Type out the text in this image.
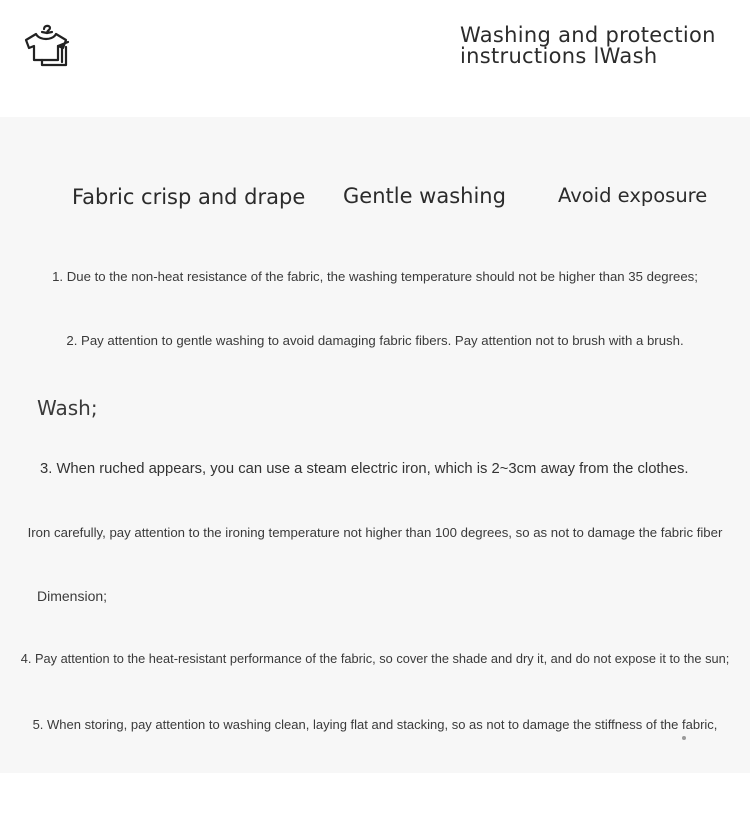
Washing and protection instructions lWash
Fabric crisp and drape Gentle washing	Avoid exposure
1. Due to the non-heat resistance of the fabric, the washing temperature should not be higher than 35 degrees;
2. Pay attention to gentle washing to avoid damaging fabric fibers. Pay attention not to brush with a brush.
Wash;
3. When ruched appears, you can use a steam electric iron, which is 2~3cm away from the clothes.
Iron carefully, pay attention to the ironing temperature not higher than 100 degrees, so as not to damage the fabric fiber
Dimension;
4. Pay attention to the heat-resistant performance of the fabric, so cover the shade and dry it, and do not expose it to the sun;
5. When storing, pay attention to washing clean, laying flat and stacking, so as not to damage the stiffness of the fabric,
